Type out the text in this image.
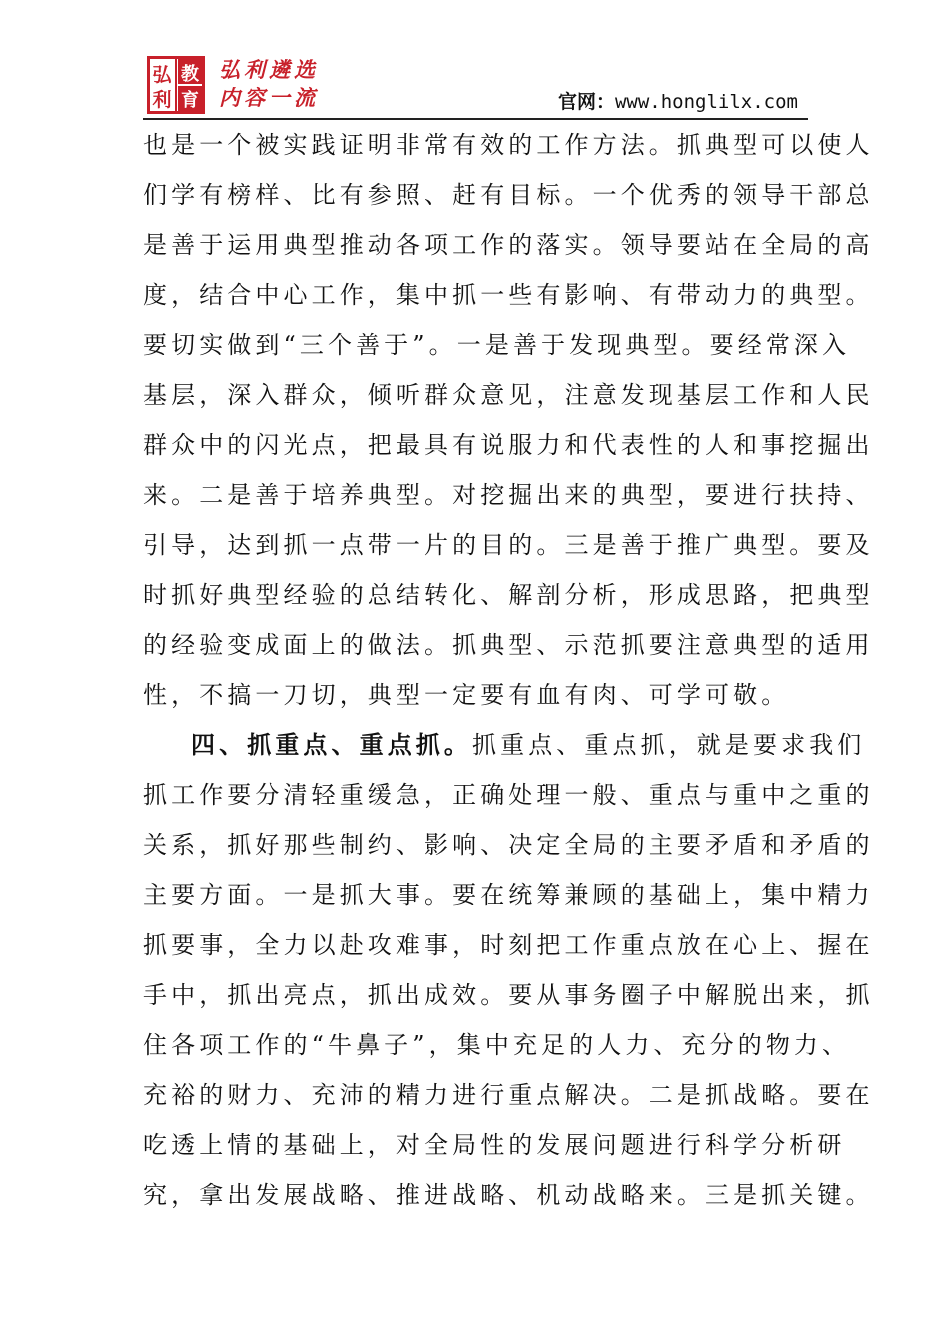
弘
利
教
育
弘利遴选
内容一流	官网：www.honglilx.com

也是一个被实践证明非常有效的工作方法。抓典型可以使人
们学有榜样、比有参照、赶有目标。一个优秀的领导干部总
是善于运用典型推动各项工作的落实。领导要站在全局的高
度，结合中心工作，集中抓一些有影响、有带动力的典型。
要切实做到“三个善于”。一是善于发现典型。要经常深入
基层，深入群众，倾听群众意见，注意发现基层工作和人民
群众中的闪光点，把最具有说服力和代表性的人和事挖掘出
来。二是善于培养典型。对挖掘出来的典型，要进行扶持、
引导，达到抓一点带一片的目的。三是善于推广典型。要及
时抓好典型经验的总结转化、解剖分析，形成思路，把典型
的经验变成面上的做法。抓典型、示范抓要注意典型的适用
性，不搞一刀切，典型一定要有血有肉、可学可敬。

四、抓重点、重点抓。抓重点、重点抓，就是要求我们
抓工作要分清轻重缓急，正确处理一般、重点与重中之重的
关系，抓好那些制约、影响、决定全局的主要矛盾和矛盾的
主要方面。一是抓大事。要在统筹兼顾的基础上，集中精力
抓要事，全力以赴攻难事，时刻把工作重点放在心上、握在
手中，抓出亮点，抓出成效。要从事务圈子中解脱出来，抓
住各项工作的“牛鼻子”，集中充足的人力、充分的物力、
充裕的财力、充沛的精力进行重点解决。二是抓战略。要在
吃透上情的基础上，对全局性的发展问题进行科学分析研
究，拿出发展战略、推进战略、机动战略来。三是抓关键。
